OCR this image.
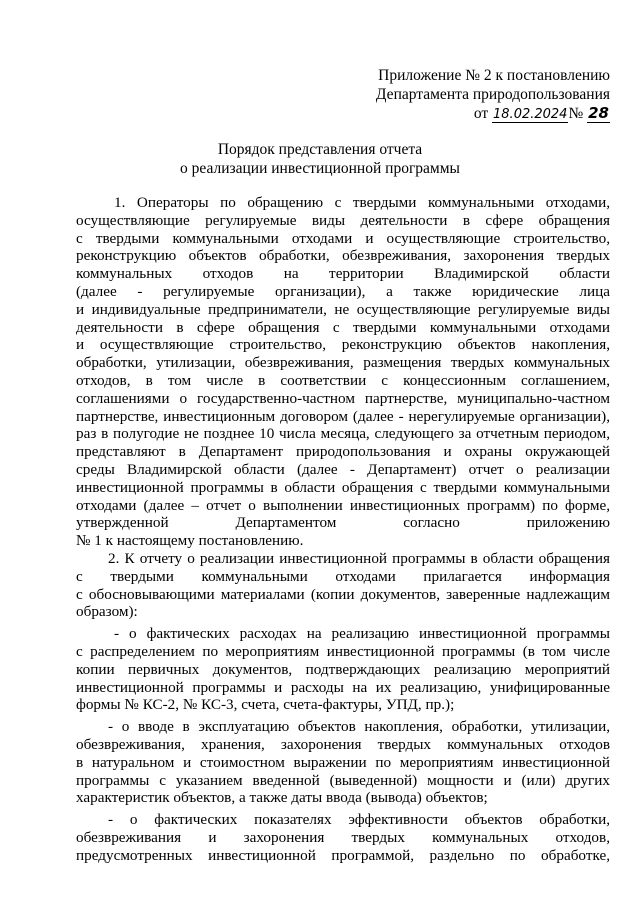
Приложение № 2 к постановлению
Департамента природопользования
от 18.02.2024№ 28
Порядок представления отчета
о реализации инвестиционной программы
1. Операторы по обращению с твердыми коммунальными отходами,
осуществляющие регулируемые виды деятельности в сфере обращения
с твердыми коммунальными отходами и осуществляющие строительство,
реконструкцию объектов обработки, обезвреживания, захоронения твердых
коммунальных отходов на территории Владимирской области
(далее - регулируемые организации), а также юридические лица
и индивидуальные предприниматели, не осуществляющие регулируемые виды
деятельности в сфере обращения с твердыми коммунальными отходами
и осуществляющие строительство, реконструкцию объектов накопления,
обработки, утилизации, обезвреживания, размещения твердых коммунальных
отходов, в том числе в соответствии с концессионным соглашением,
соглашениями о государственно-частном партнерстве, муниципально-частном
партнерстве, инвестиционным договором (далее - нерегулируемые организации),
раз в полугодие не позднее 10 числа месяца, следующего за отчетным периодом,
представляют в Департамент природопользования и охраны окружающей
среды Владимирской области (далее - Департамент) отчет о реализации
инвестиционной программы в области обращения с твердыми коммунальными
отходами (далее – отчет о выполнении инвестиционных программ) по форме,
утвержденной Департаментом согласно приложению
№ 1 к настоящему постановлению.
2. К отчету о реализации инвестиционной программы в области обращения
с твердыми коммунальными отходами прилагается информация
с обосновывающими материалами (копии документов, заверенные надлежащим
образом):
- о фактических расходах на реализацию инвестиционной программы
с распределением по мероприятиям инвестиционной программы (в том числе
копии первичных документов, подтверждающих реализацию мероприятий
инвестиционной программы и расходы на их реализацию, унифицированные
формы № КС-2, № КС-3, счета, счета-фактуры, УПД, пр.);
- о вводе в эксплуатацию объектов накопления, обработки, утилизации,
обезвреживания, хранения, захоронения твердых коммунальных отходов
в натуральном и стоимостном выражении по мероприятиям инвестиционной
программы с указанием введенной (выведенной) мощности и (или) других
характеристик объектов, а также даты ввода (вывода) объектов;
- о фактических показателях эффективности объектов обработки,
обезвреживания и захоронения твердых коммунальных отходов,
предусмотренных инвестиционной программой, раздельно по обработке,
